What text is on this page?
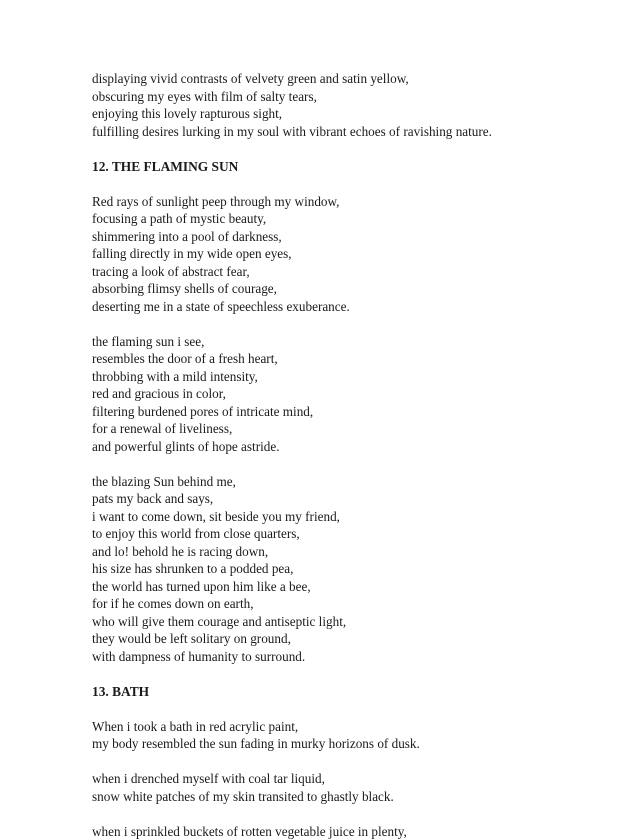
displaying vivid contrasts of velvety green and satin yellow,
obscuring my eyes with film of salty tears,
enjoying this lovely rapturous sight,
fulfilling desires lurking in my soul with vibrant echoes of ravishing nature.
12. THE FLAMING SUN
Red rays of sunlight peep through my window,
focusing a path of mystic beauty,
shimmering into a pool of darkness,
falling directly in my wide open eyes,
tracing a look of abstract fear,
absorbing flimsy shells of courage,
deserting me in a state of speechless exuberance.
the flaming sun i see,
resembles the door of a fresh heart,
throbbing with a mild intensity,
red and gracious in color,
filtering burdened pores of intricate mind,
for a renewal of liveliness,
and powerful glints of hope astride.
the blazing Sun behind me,
pats my back and says,
i want to come down, sit beside you my friend,
to enjoy this world from close quarters,
and lo! behold he is racing down,
his size has shrunken to a podded pea,
the world has turned upon him like a bee,
for if he comes down on earth,
who will give them courage and antiseptic light,
they would be left solitary on ground,
with dampness of humanity to surround.
13. BATH
When i took a bath in red acrylic paint,
my body resembled the sun fading in murky horizons of dusk.
when i drenched myself with coal tar liquid,
snow white patches of my skin transited to ghastly black.
when i sprinkled buckets of rotten vegetable juice in plenty,
